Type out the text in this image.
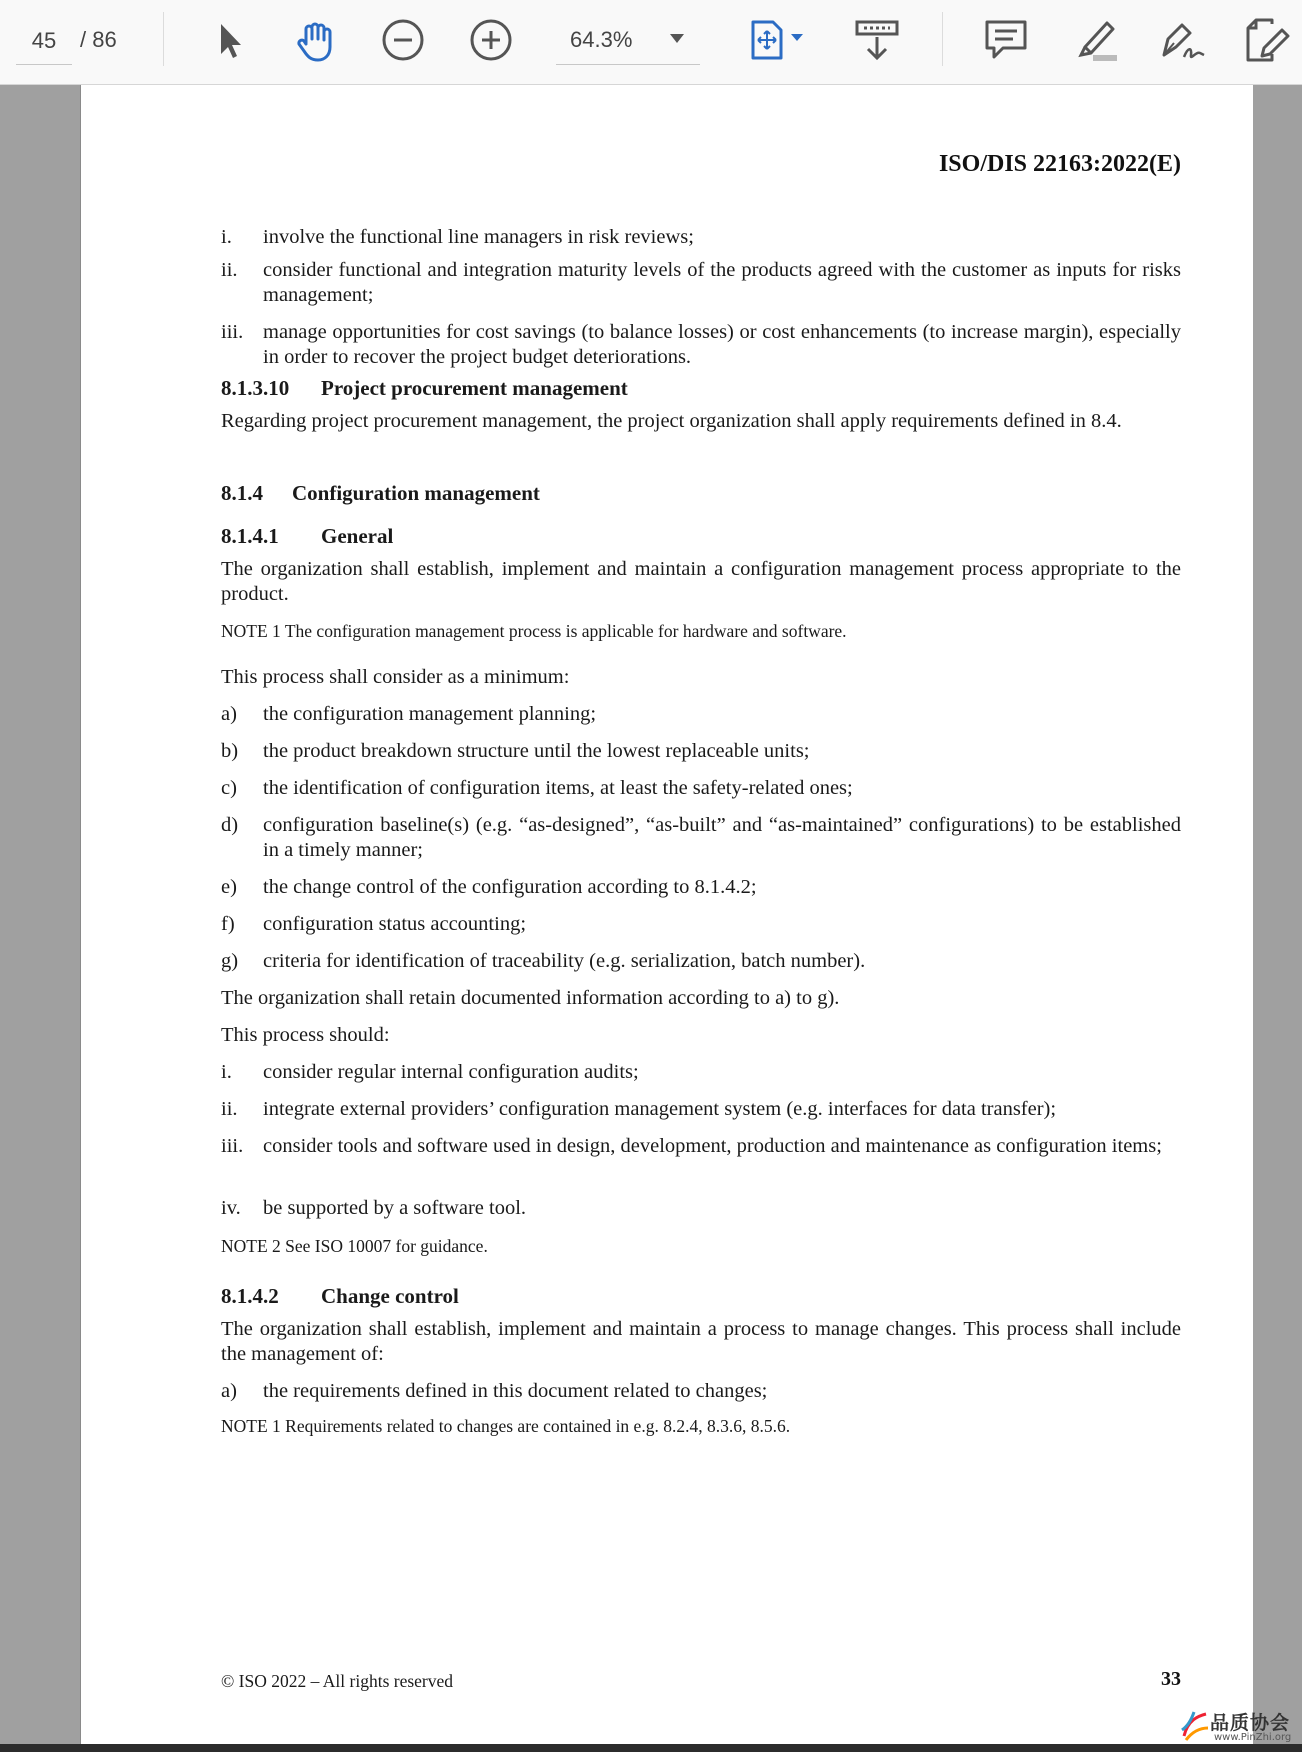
45
/ 86	64.3%
ISO/DIS 22163:2022(E)
i.	involve the functional line managers in risk reviews;
ii.	consider functional and integration maturity levels of the products agreed with the customer as inputs for risks management;
iii. manage opportunities for cost savings (to balance losses) or cost enhancements (to increase margin), especially in order to recover the project budget deteriorations.
8.1.3.10 Project procurement management
Regarding project procurement management, the project organization shall apply requirements defined in 8.4.
8.1.4 Configuration management
8.1.4.1 General
The organization shall establish, implement and maintain a configuration management process appropriate to the product.
NOTE 1 The configuration management process is applicable for hardware and software.
This process shall consider as a minimum:
a)	the configuration management planning;
b)	the product breakdown structure until the lowest replaceable units;
c)	the identification of configuration items, at least the safety-related ones;
d)	configuration baseline(s) (e.g. “as-designed”, “as-built” and “as-maintained” configurations) to be established in a timely manner;
e)	the change control of the configuration according to 8.1.4.2;
f)	configuration status accounting;
g)	criteria for identification of traceability (e.g. serialization, batch number).
The organization shall retain documented information according to a) to g).
This process should:
i.	consider regular internal configuration audits;
ii.	integrate external providers’ configuration management system (e.g. interfaces for data transfer);
iii. consider tools and software used in design, development, production and maintenance as configuration items;
iv.	be supported by a software tool.
NOTE 2 See ISO 10007 for guidance.
8.1.4.2 Change control
The organization shall establish, implement and maintain a process to manage changes. This process shall include the management of:
a)	the requirements defined in this document related to changes;
NOTE 1 Requirements related to changes are contained in e.g. 8.2.4, 8.3.6, 8.5.6.
© ISO 2022 – All rights reserved	33
品质协会
www.PinZhi.org
